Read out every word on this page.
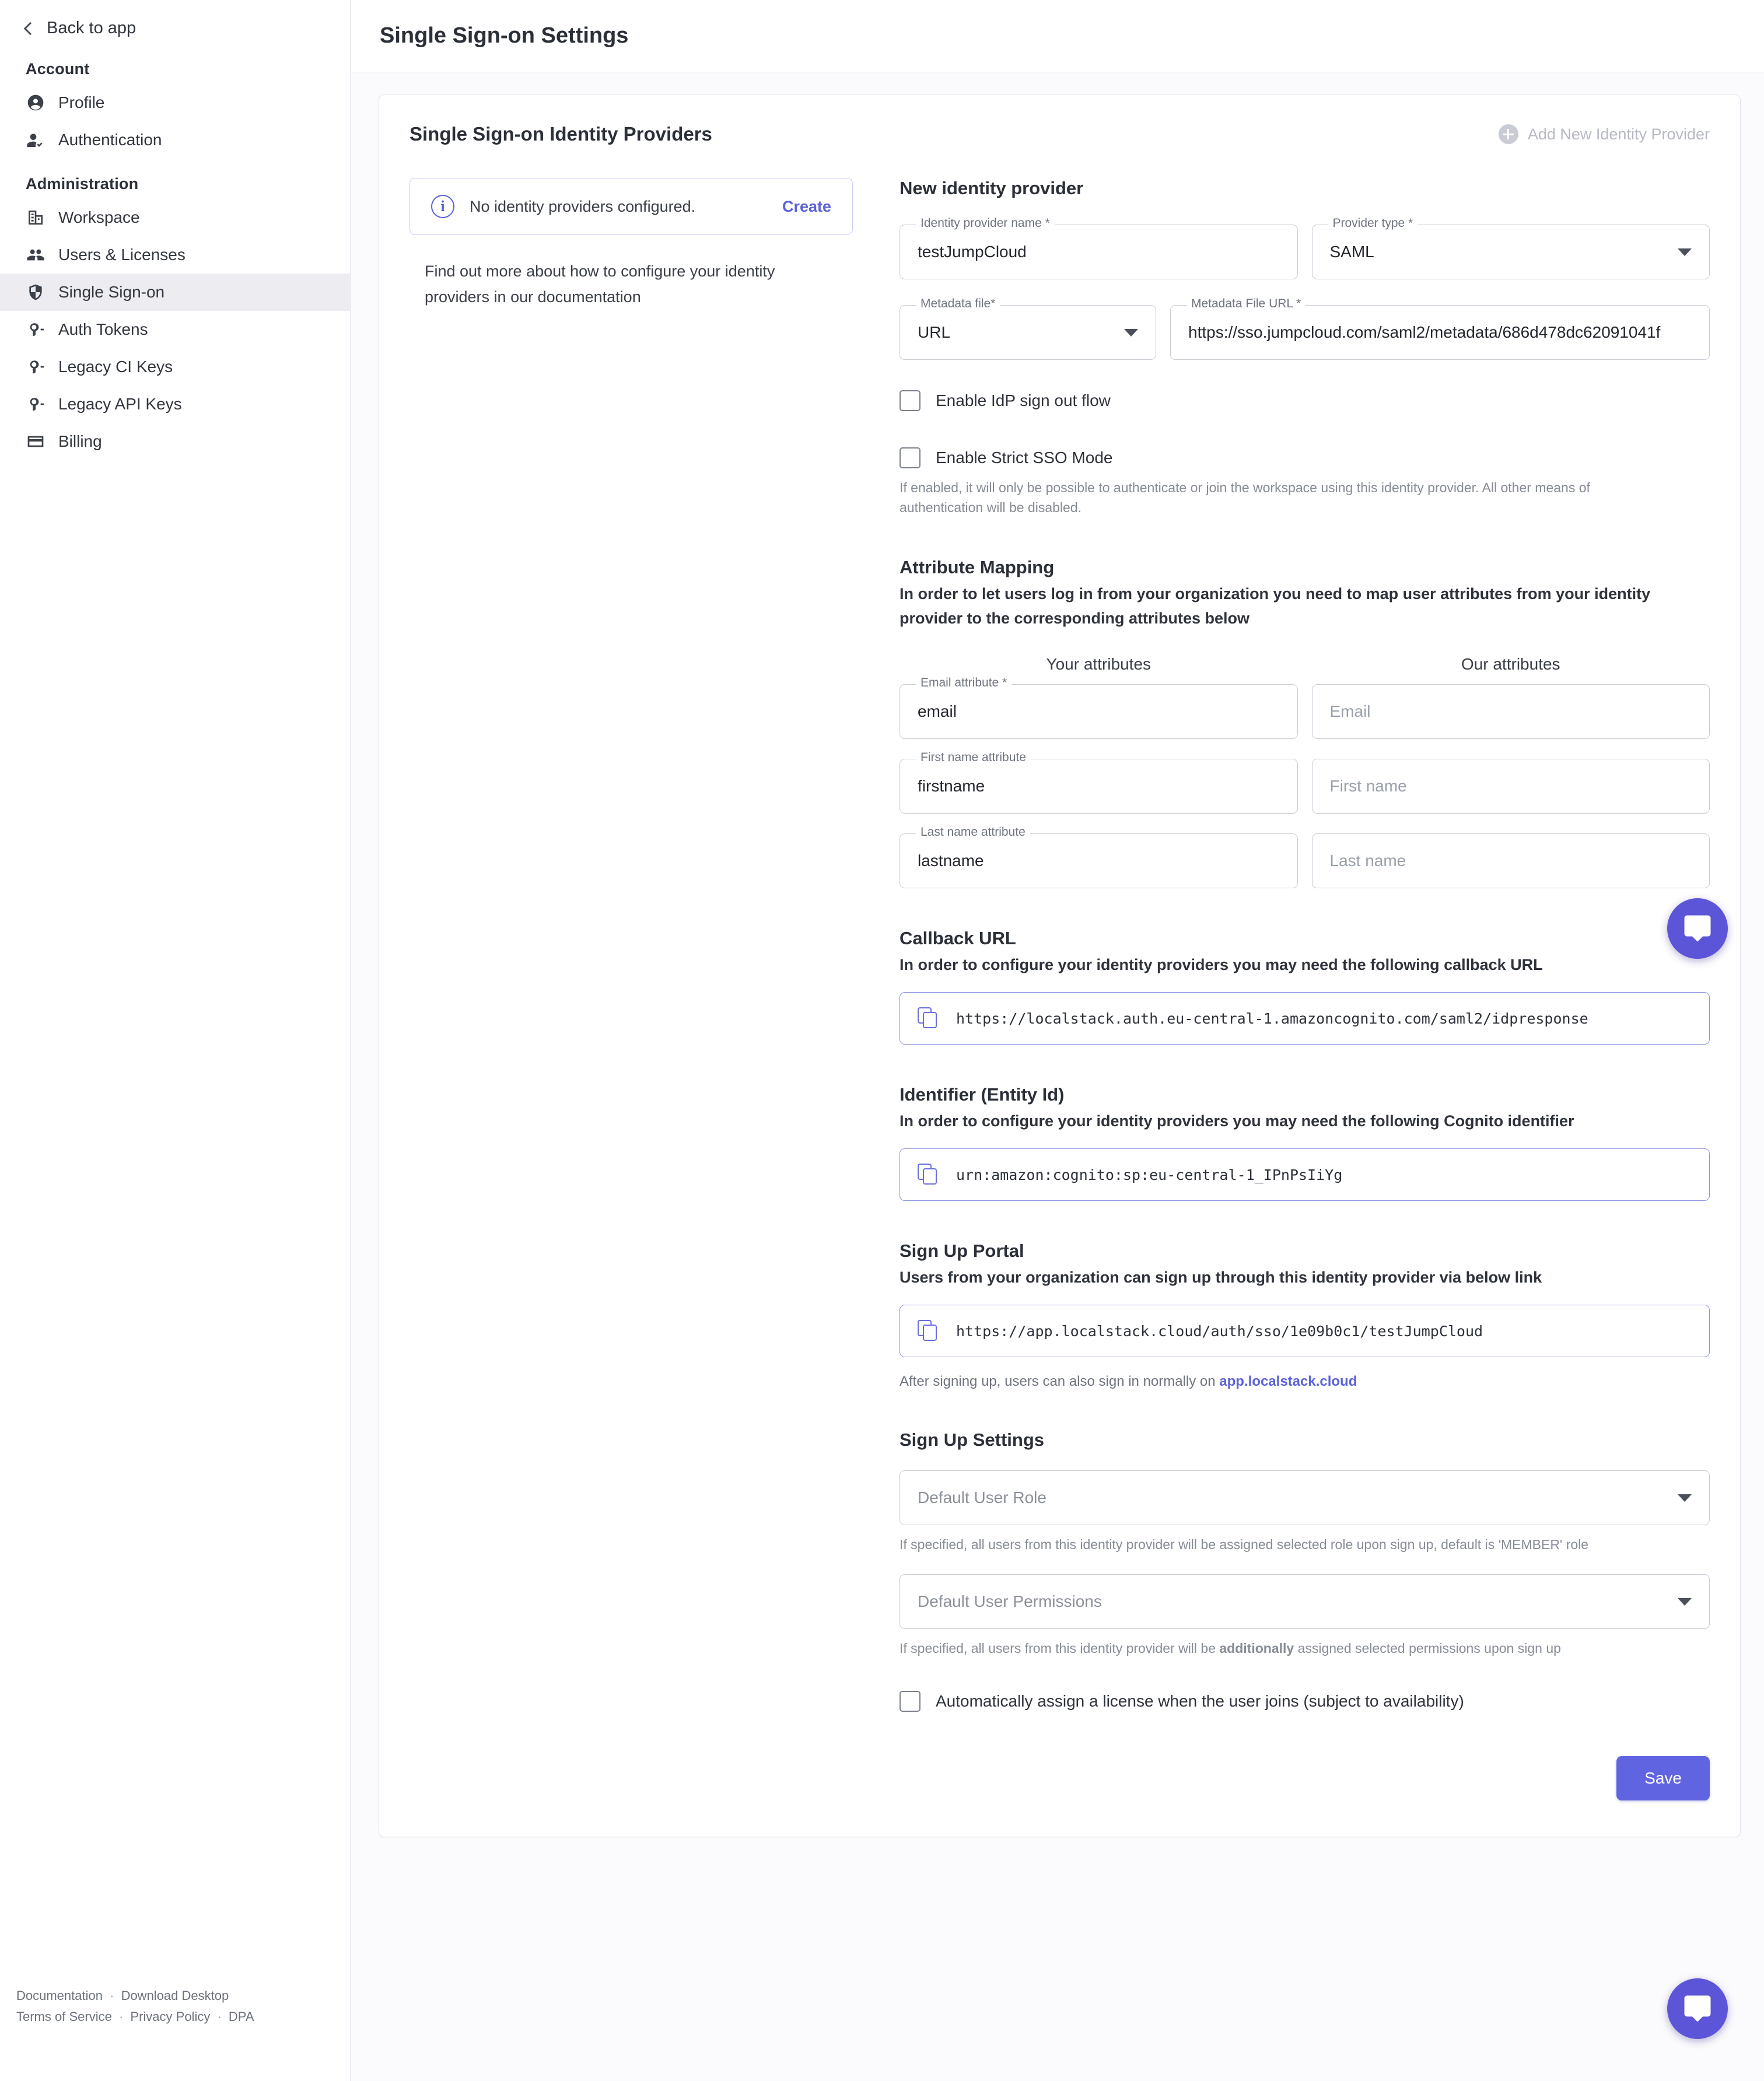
Back to app
Account
Profile
Authentication
Administration
Workspace
Users & Licenses
Single Sign-on
Auth Tokens
Legacy CI Keys
Legacy API Keys
Billing
Documentation · Download Desktop
Terms of Service · Privacy Policy · DPA
Single Sign-on Settings
Single Sign-on Identity Providers	Add New Identity Provider
i	No identity providers configured.	Create
Find out more about how to configure your identity providers in our documentation
New identity provider
Identity provider name *
testJumpCloud
Provider type *
SAML
Metadata file*
URL
Metadata File URL *
https://sso.jumpcloud.com/saml2/metadata/686d478dc62091041f
Enable IdP sign out flow
Enable Strict SSO Mode

If enabled, it will only be possible to authenticate or join the workspace using this identity provider. All other means of authentication will be disabled.

Attribute Mapping
In order to let users log in from your organization you need to map user attributes from your identity provider to the corresponding attributes below
Your attributes	Our attributes
Email attribute *
email	Email
First name attribute
firstname	First name
Last name attribute
lastname	Last name
Callback URL
In order to configure your identity providers you may need the following callback URL
https://localstack.auth.eu-central-1.amazoncognito.com/saml2/idpresponse
Identifier (Entity Id)
In order to configure your identity providers you may need the following Cognito identifier
urn:amazon:cognito:sp:eu-central-1_IPnPsIiYg
Sign Up Portal
Users from your organization can sign up through this identity provider via below link
https://app.localstack.cloud/auth/sso/1e09b0c1/testJumpCloud
After signing up, users can also sign in normally on app.localstack.cloud
Sign Up Settings
Default User Role

If specified, all users from this identity provider will be assigned selected role upon sign up, default is 'MEMBER' role

Default User Permissions

If specified, all users from this identity provider will be additionally assigned selected permissions upon sign up

Automatically assign a license when the user joins (subject to availability)
Save
